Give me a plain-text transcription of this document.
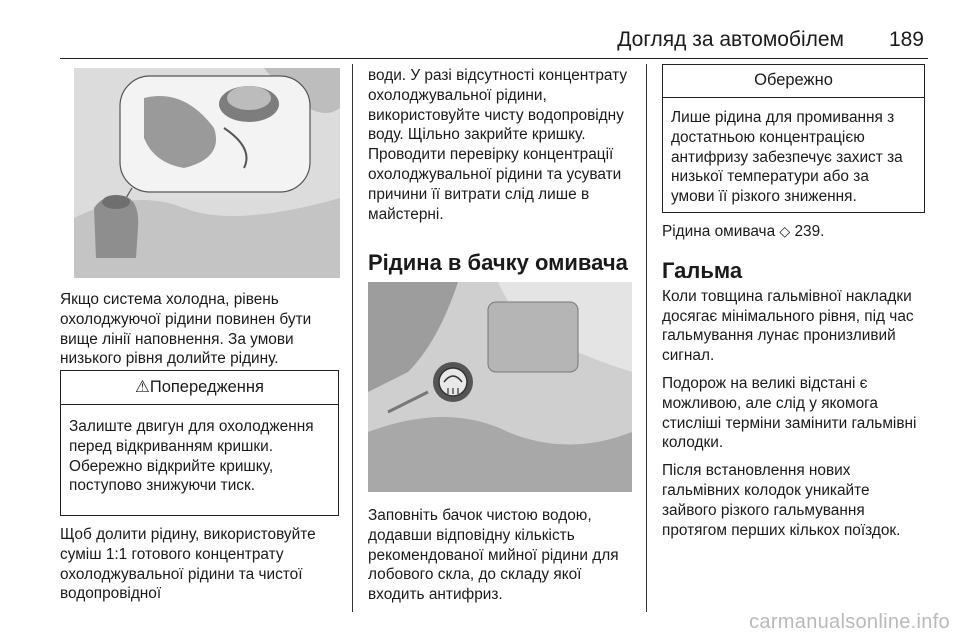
Догляд за автомобілем 189

Якщо система холодна, рівень охолоджуючої рідини повинен бути вище лінії наповнення. За умови низького рівня долийте рідину.

⚠Попередження

Залиште двигун для охолодження перед відкриванням кришки. Обережно відкрийте кришку, поступово знижуючи тиск.

Щоб долити рідину, використовуйте суміш 1:1 готового концентрату охолоджувальної рідини та чистої водопровідної

води. У разі відсутності концентрату охолоджувальної рідини, використовуйте чисту водопровідну воду. Щільно закрийте кришку. Проводити перевірку концентрації охолоджувальної рідини та усувати причини її витрати слід лише в майстерні.

Рідина в бачку омивача

Заповніть бачок чистою водою, додавши відповідну кількість рекомендованої мийної рідини для лобового скла, до складу якої входить антифриз.

Обережно

Лише рідина для промивання з достатньою концентрацією антифризу забезпечує захист за низької температури або за умови її різкого зниження.

Рідина омивача ◇ 239.

Гальма

Коли товщина гальмівної накладки досягає мінімального рівня, під час гальмування лунає пронизливий сигнал.

Подорож на великі відстані є можливою, але слід у якомога стисліші терміни замінити гальмівні колодки.

Після встановлення нових гальмівних колодок уникайте зайвого різкого гальмування протягом перших кількох поїздок.

carmanualsonline.info
